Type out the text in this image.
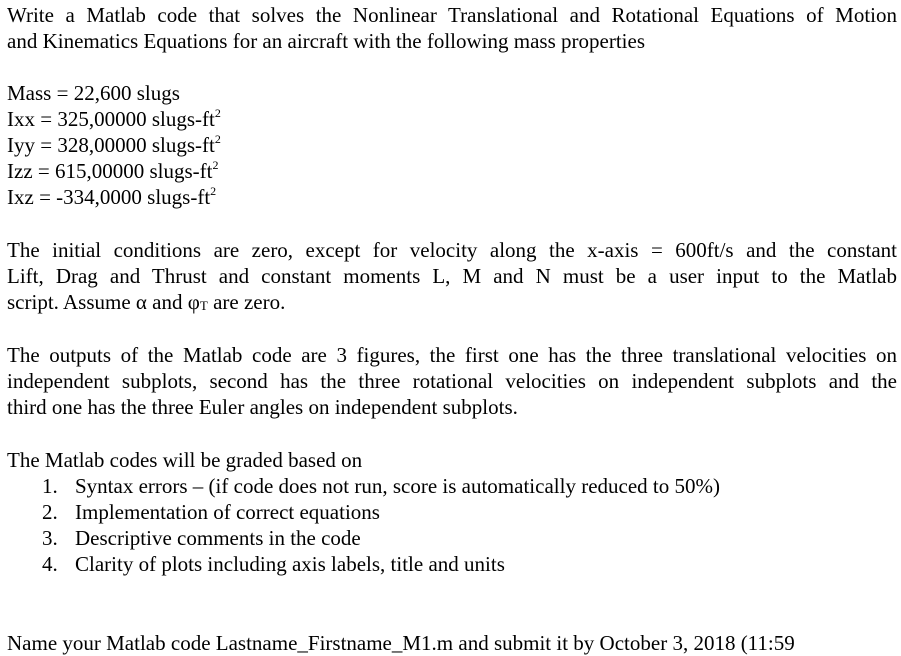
Write a Matlab code that solves the Nonlinear Translational and Rotational Equations of Motion
and Kinematics Equations for an aircraft with the following mass properties
Mass = 22,600 slugs
Ixx = 325,00000 slugs-$ft^2$
Iyy = 328,00000 slugs-$ft^2$
Izz = 615,00000 slugs-$ft^2$
Ixz = -334,0000 slugs-$ft^2$
The initial conditions are zero, except for velocity along the x-axis = 600ft/s and the constant
Lift, Drag and Thrust and constant moments L, M and N must be a user input to the Matlab
script. Assume α and φT are zero.
The outputs of the Matlab code are 3 figures, the first one has the three translational velocities on
independent subplots, second has the three rotational velocities on independent subplots and the
third one has the three Euler angles on independent subplots.
The Matlab codes will be graded based on
1. Syntax errors – (if code does not run, score is automatically reduced to 50%)
2. Implementation of correct equations
3. Descriptive comments in the code
4. Clarity of plots including axis labels, title and units
Name your Matlab code Lastname_Firstname_M1.m and submit it by October 3, 2018 (11:59
